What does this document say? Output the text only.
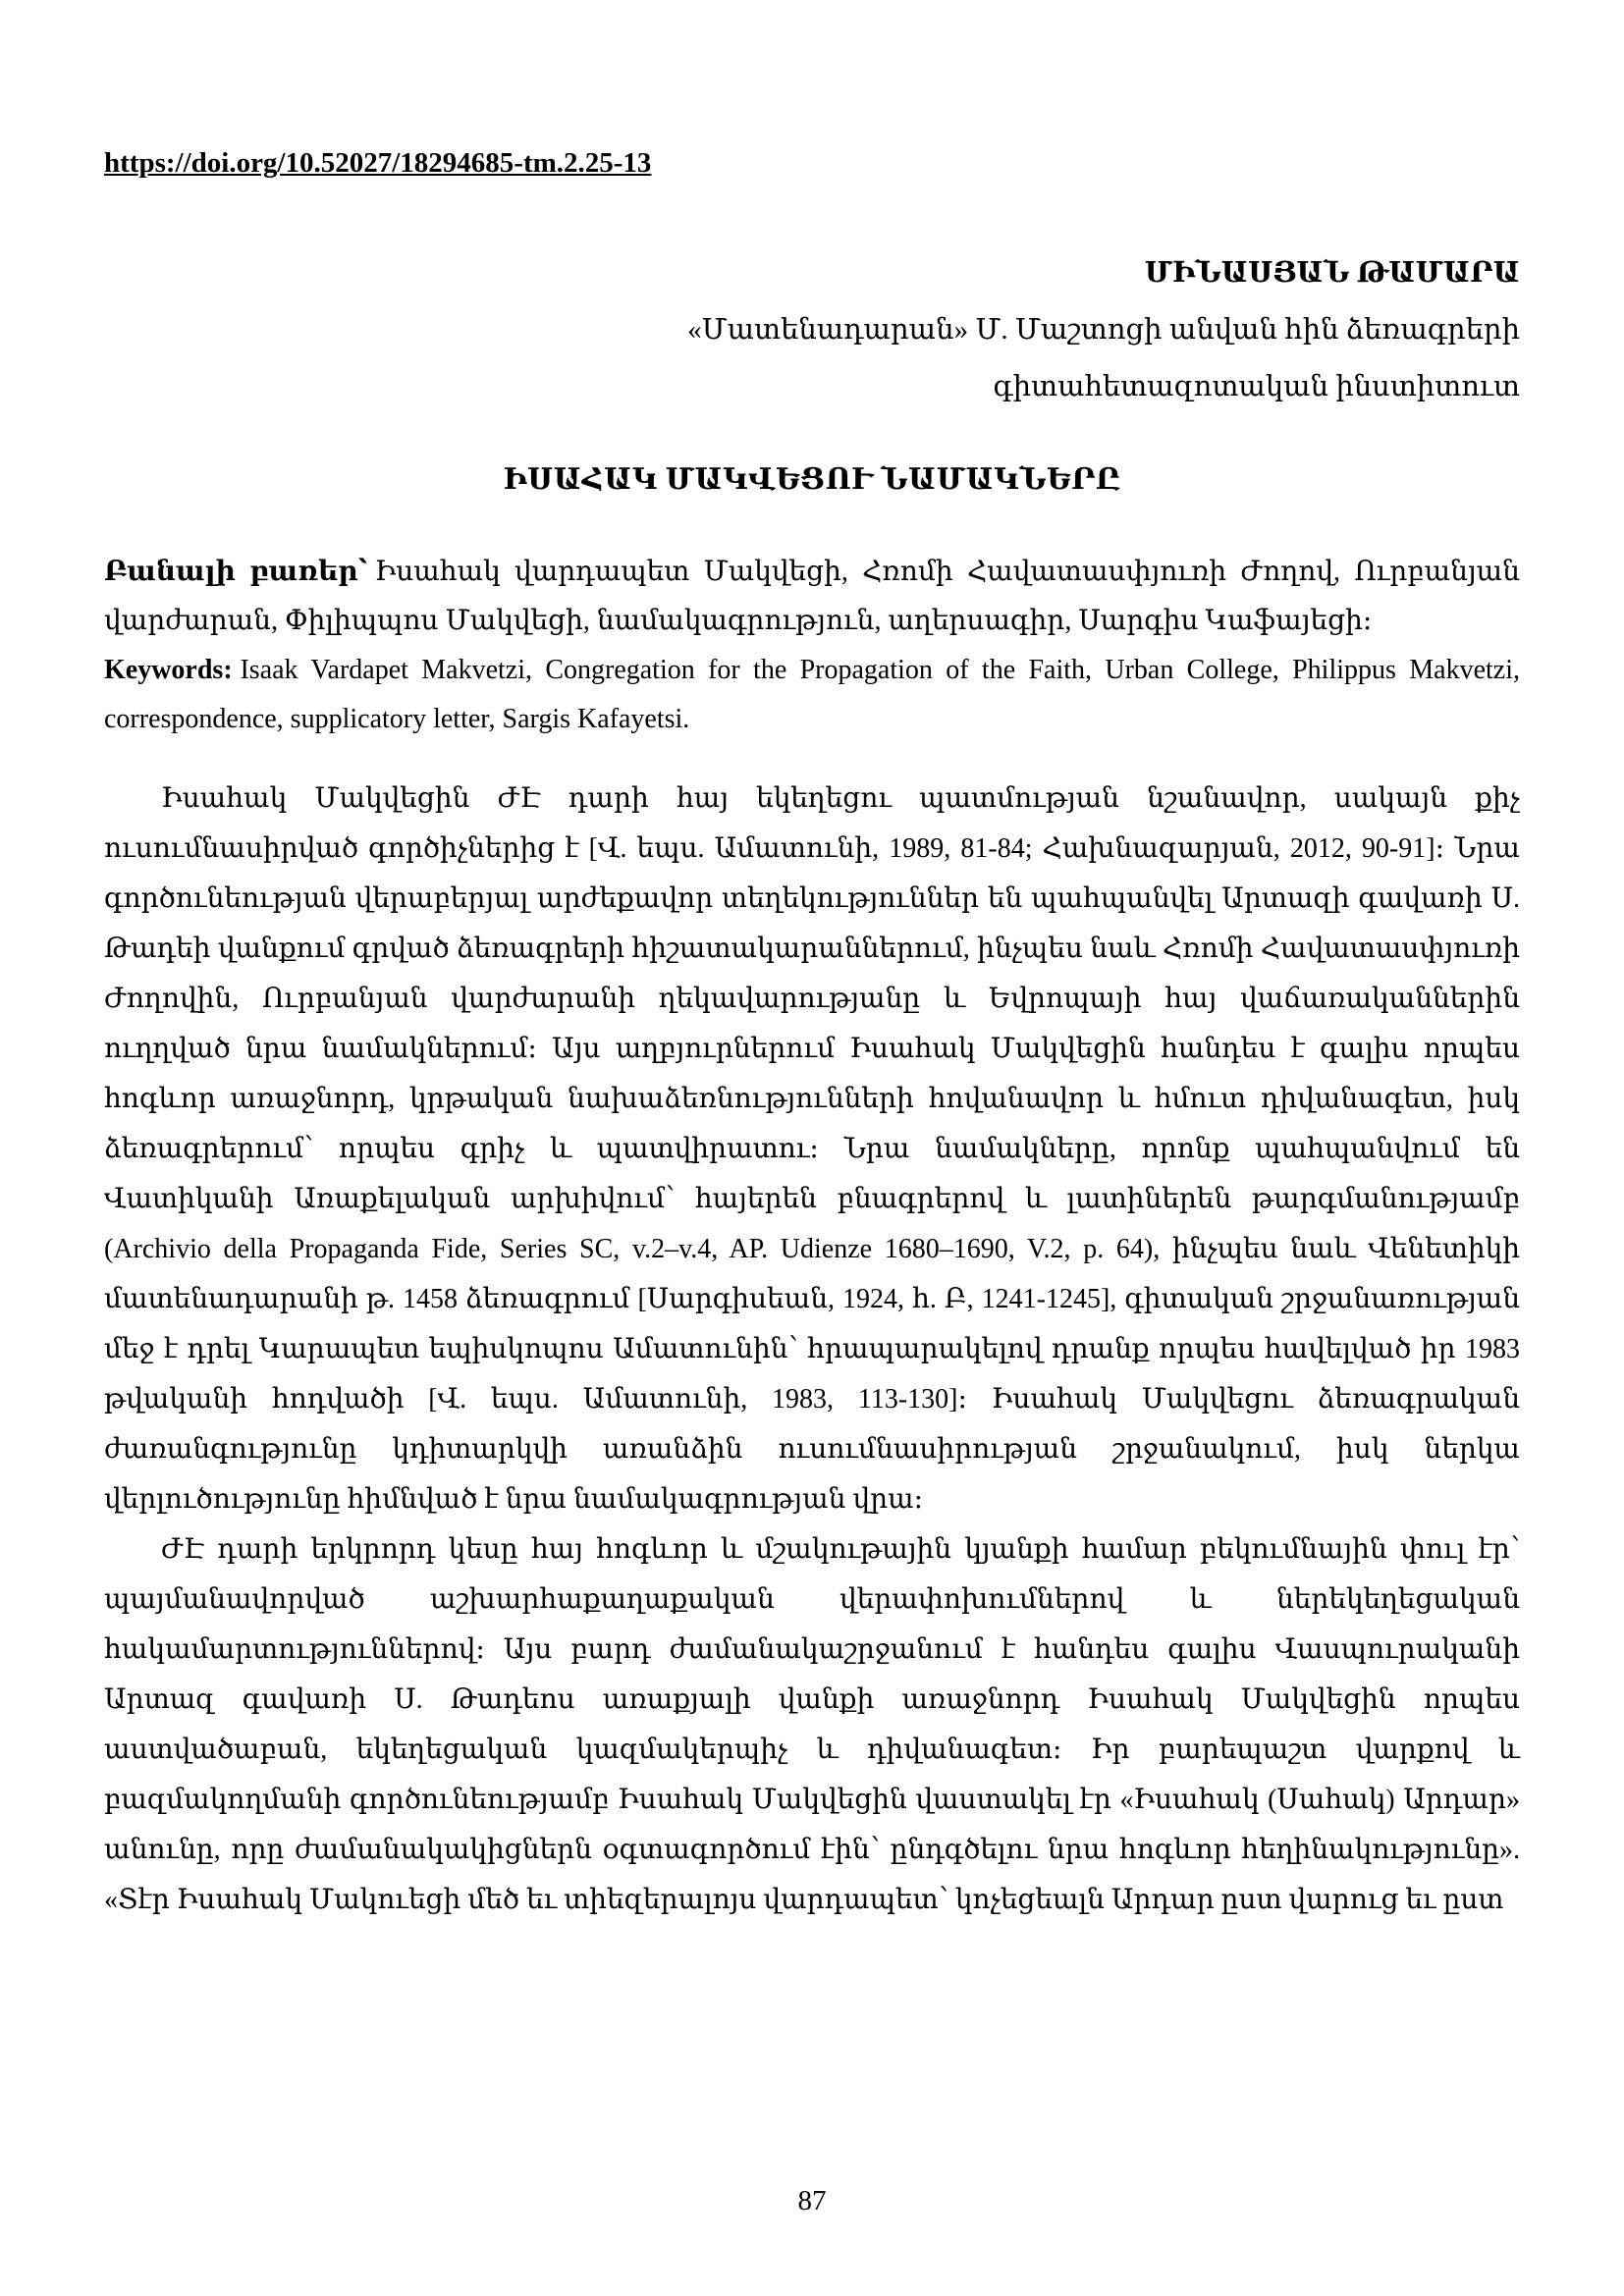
https://doi.org/10.52027/18294685-tm.2.25-13
ՄԻՆԱՍՅԱՆ ԹԱՄԱՐԱ
«Մատենադարան» Մ. Մաշտոցի անվան հին ձեռագրերի
գիտահետազոտական ինստիտուտ
ԻՍԱՀԱԿ ՄԱԿՎԵՑՈՒ ՆԱՄԱԿՆԵՐԸ

Բանալի բառեր՝ Իսահակ վարդապետ Մակվեցի, Հռոմի Հավատասփյուռի Ժողով, Ուրբանյան վարժարան, Փիլիպպոս Մակվեցի, նամակագրություն, աղերսագիր, Սարգիս Կաֆայեցի։

Keywords: Isaak Vardapet Makvetzi, Congregation for the Propagation of the Faith, Urban College, Philippus Makvetzi, correspondence, supplicatory letter, Sargis Kafayetsi.

Իսահակ Մակվեցին ԺԷ դարի հայ եկեղեցու պատմության նշանավոր, սակայն քիչ ուսումնասիրված գործիչներից է [Վ. եպս. Ամատունի, 1989, 81-84; Հախնազարյան, 2012, 90-91]։ Նրա գործունեության վերաբերյալ արժեքավոր տեղեկություններ են պահպանվել Արտազի գավառի Ս. Թադեի վանքում գրված ձեռագրերի հիշատակարաններում, ինչպես նաև Հռոմի Հավատասփյուռի Ժողովին, Ուրբանյան վարժարանի ղեկավարությանը և Եվրոպայի հայ վաճառականներին ուղղված նրա նամակներում։ Այս աղբյուրներում Իսահակ Մակվեցին հանդես է գալիս որպես հոգևոր առաջնորդ, կրթական նախաձեռնությունների հովանավոր և հմուտ դիվանագետ, իսկ ձեռագրերում՝ որպես գրիչ և պատվիրատու։ Նրա նամակները, որոնք պահպանվում են Վատիկանի Առաքելական արխիվում՝ հայերեն բնագրերով և լատիներեն թարգմանությամբ (Archivio della Propaganda Fide, Series SC, v.2–v.4, AP. Udienze 1680–1690, V.2, p. 64), ինչպես նաև Վենետիկի մատենադարանի թ. 1458 ձեռագրում [Սարգիսեան, 1924, հ. Բ, 1241-1245], գիտական շրջանառության մեջ է դրել Կարապետ եպիսկոպոս Ամատունին՝ հրապարակելով դրանք որպես հավելված իր 1983 թվականի հոդվածի [Վ. եպս. Ամատունի, 1983, 113-130]։ Իսահակ Մակվեցու ձեռագրական ժառանգությունը կդիտարկվի առանձին ուսումնասիրության շրջանակում, իսկ ներկա վերլուծությունը հիմնված է նրա նամակագրության վրա։

ԺԷ դարի երկրորդ կեսը հայ հոգևոր և մշակութային կյանքի համար բեկումնային փուլ էր՝ պայմանավորված աշխարհաքաղաքական վերափոխումներով և ներեկեղեցական հակամարտություններով։ Այս բարդ ժամանակաշրջանում է հանդես գալիս Վասպուրականի Արտազ գավառի Ս. Թադեոս առաքյալի վանքի առաջնորդ Իսահակ Մակվեցին որպես աստվածաբան, եկեղեցական կազմակերպիչ և դիվանագետ։ Իր բարեպաշտ վարքով և բազմակողմանի գործունեությամբ Իսահակ Մակվեցին վաստակել էր «Իսահակ (Սահակ) Արդար» անունը, որը ժամանակակիցներն օգտագործում էին՝ ընդգծելու նրա հոգևոր հեղինակությունը». «Տէր Իսահակ Մակուեցի մեծ եւ տիեզերալոյս վարդապետ՝ կոչեցեալն Արդար ըստ վարուց եւ ըստ

87
